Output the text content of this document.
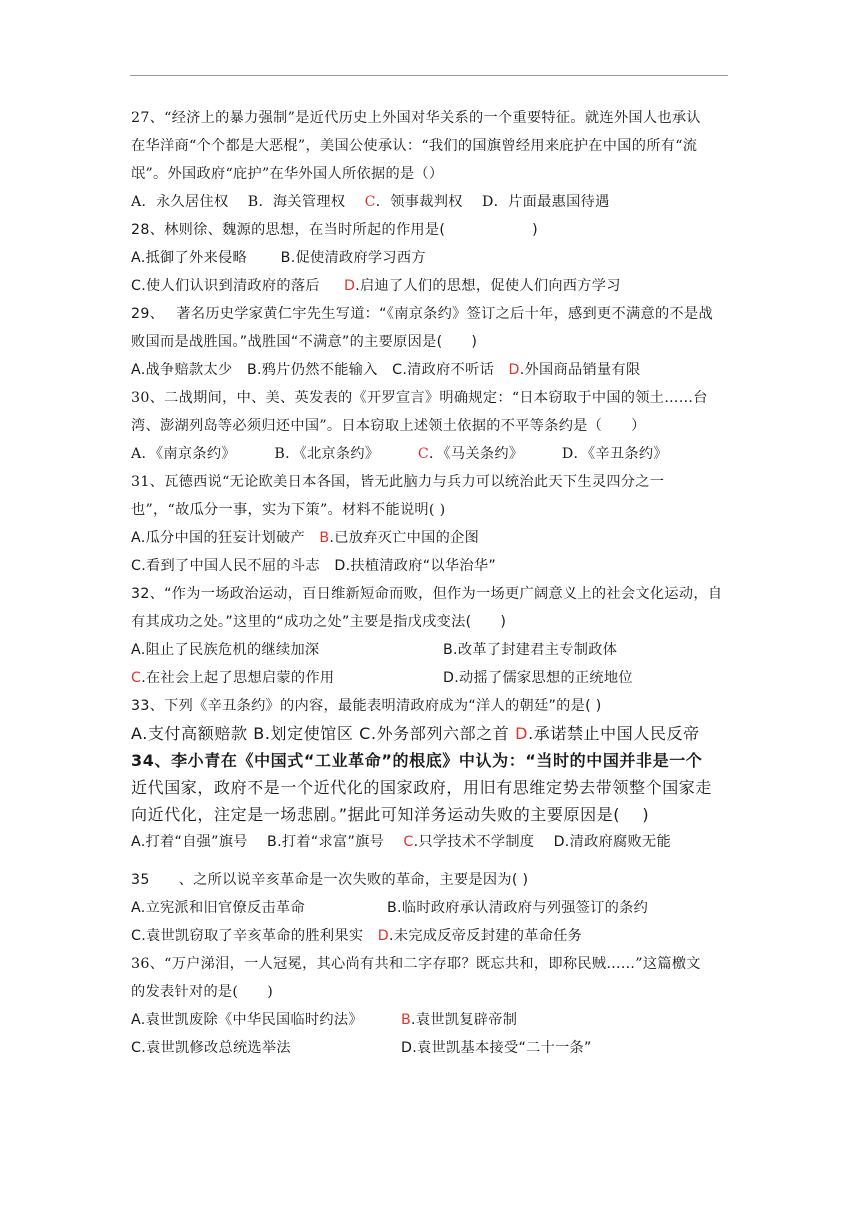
27、“经济上的暴力强制”是近代历史上外国对华关系的一个重要特征。就连外国人也承认
在华洋商“个个都是大恶棍”，美国公使承认：“我们的国旗曾经用来庇护在中国的所有“流
氓”。外国政府“庇护”在华外国人所依据的是（）
A．永久居住权 B．海关管理权 C．领事裁判权 D．片面最惠国待遇
28、林则徐、魏源的思想，在当时所起的作用是(　　　　　　)
A.抵御了外来侵略 B.促使清政府学习西方
C.使人们认识到清政府的落后 D.启迪了人们的思想，促使人们向西方学习
29、　 著名历史学家黄仁宇先生写道：“《南京条约》签订之后十年，感到更不满意的不是战
败国而是战胜国。”战胜国“不满意”的主要原因是(　　)
A.战争赔款太少 B.鸦片仍然不能输入 C.清政府不听话 D.外国商品销量有限
30、二战期间，中、美、英发表的《开罗宣言》明确规定：“日本窃取于中国的领土……台
湾、澎湖列岛等必须归还中国”。日本窃取上述领土依据的不平等条约是（　　）
A．《南京条约》	B．《北京条约》	C．《马关条约》	D．《辛丑条约》
31、瓦德西说“无论欧美日本各国，皆无此脑力与兵力可以统治此天下生灵四分之一
也”，“故瓜分一事，实为下策”。材料不能说明( )
A.瓜分中国的狂妄计划破产 B.已放弃灭亡中国的企图
C.看到了中国人民不屈的斗志 D.扶植清政府“以华治华”
32、“作为一场政治运动，百日维新短命而败，但作为一场更广阔意义上的社会文化运动，自
有其成功之处。”这里的“成功之处”主要是指戊戌变法(　　)
A.阻止了民族危机的继续加深	B.改革了封建君主专制政体
C.在社会上起了思想启蒙的作用	D.动摇了儒家思想的正统地位
33、下列《辛丑条约》的内容，最能表明清政府成为“洋人的朝廷”的是( )
A.支付高额赔款 B.划定使馆区 C.外务部列六部之首 D.承诺禁止中国人民反帝
34、李小青在《中国式“工业革命”的根底》中认为：“当时的中国并非是一个
近代国家，政府不是一个近代化的国家政府，用旧有思维定势去带领整个国家走
向近代化，注定是一场悲剧。”据此可知洋务运动失败的主要原因是(　 )
A.打着“自强”旗号 B.打着“求富”旗号 C.只学技术不学制度 D.清政府腐败无能
35　　、之所以说辛亥革命是一次失败的革命，主要是因为( )
A.立宪派和旧官僚反击革命	B.临时政府承认清政府与列强签订的条约
C.袁世凯窃取了辛亥革命的胜利果实 D.未完成反帝反封建的革命任务
36、“万户涕泪，一人冠冕，其心尚有共和二字存耶？既忘共和，即称民贼……”这篇檄文
的发表针对的是(　　)
A.袁世凯废除《中华民国临时约法》	B.袁世凯复辟帝制
C.袁世凯修改总统选举法	D.袁世凯基本接受“二十一条”
